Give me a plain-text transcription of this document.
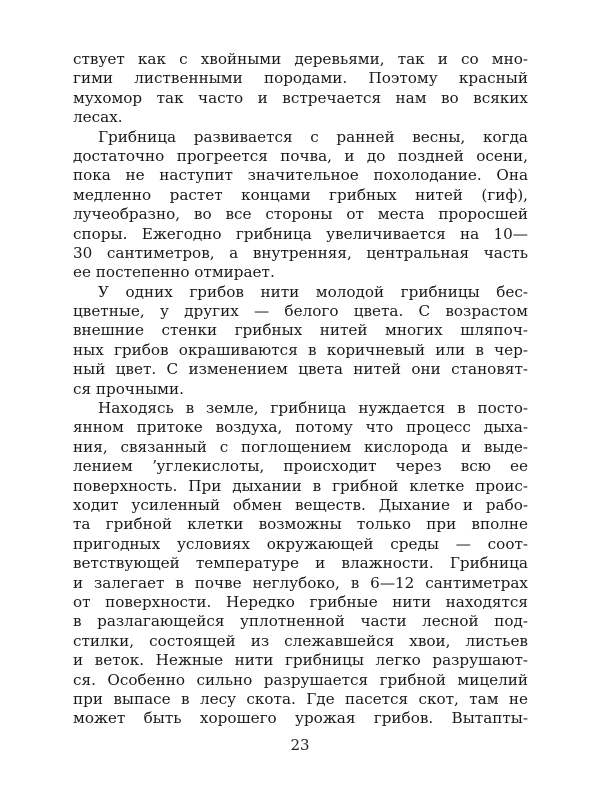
ствует как с хвойными деревьями, так и со мно-
гими лиственными породами. Поэтому красный
мухомор так часто и встречается нам во всяких
лесах.
Грибница развивается с ранней весны, когда
достаточно прогреется почва, и до поздней осени,
пока не наступит значительное похолодание. Она
медленно растет концами грибных нитей (гиф),
лучеобразно, во все стороны от места проросшей
споры. Ежегодно грибница увеличивается на 10—
30 сантиметров, а внутренняя, центральная часть
ее постепенно отмирает.
У одних грибов нити молодой грибницы бес-
цветные, у других — белого цвета. С возрастом
внешние стенки грибных нитей многих шляпоч-
ных грибов окрашиваются в коричневый или в чер-
ный цвет. С изменением цвета нитей они становят-
ся прочными.
Находясь в земле, грибница нуждается в посто-
янном притоке воздуха, потому что процесс дыха-
ния, связанный с поглощением кислорода и выде-
лением ʼуглекислоты, происходит через всю ее
поверхность. При дыхании в грибной клетке проис-
ходит усиленный обмен веществ. Дыхание и рабо-
та грибной клетки возможны только при вполне
пригодных условиях окружающей среды — соот-
ветствующей температуре и влажности. Грибница
и залегает в почве неглубоко, в 6—12 сантиметрах
от поверхности. Нередко грибные нити находятся
в разлагающейся уплотненной части лесной под-
стилки, состоящей из слежавшейся хвои, листьев
и веток. Нежные нити грибницы легко разрушают-
ся. Особенно сильно разрушается грибной мицелий
при выпасе в лесу скота. Где пасется скот, там не
может быть хорошего урожая грибов. Вытапты-
23
